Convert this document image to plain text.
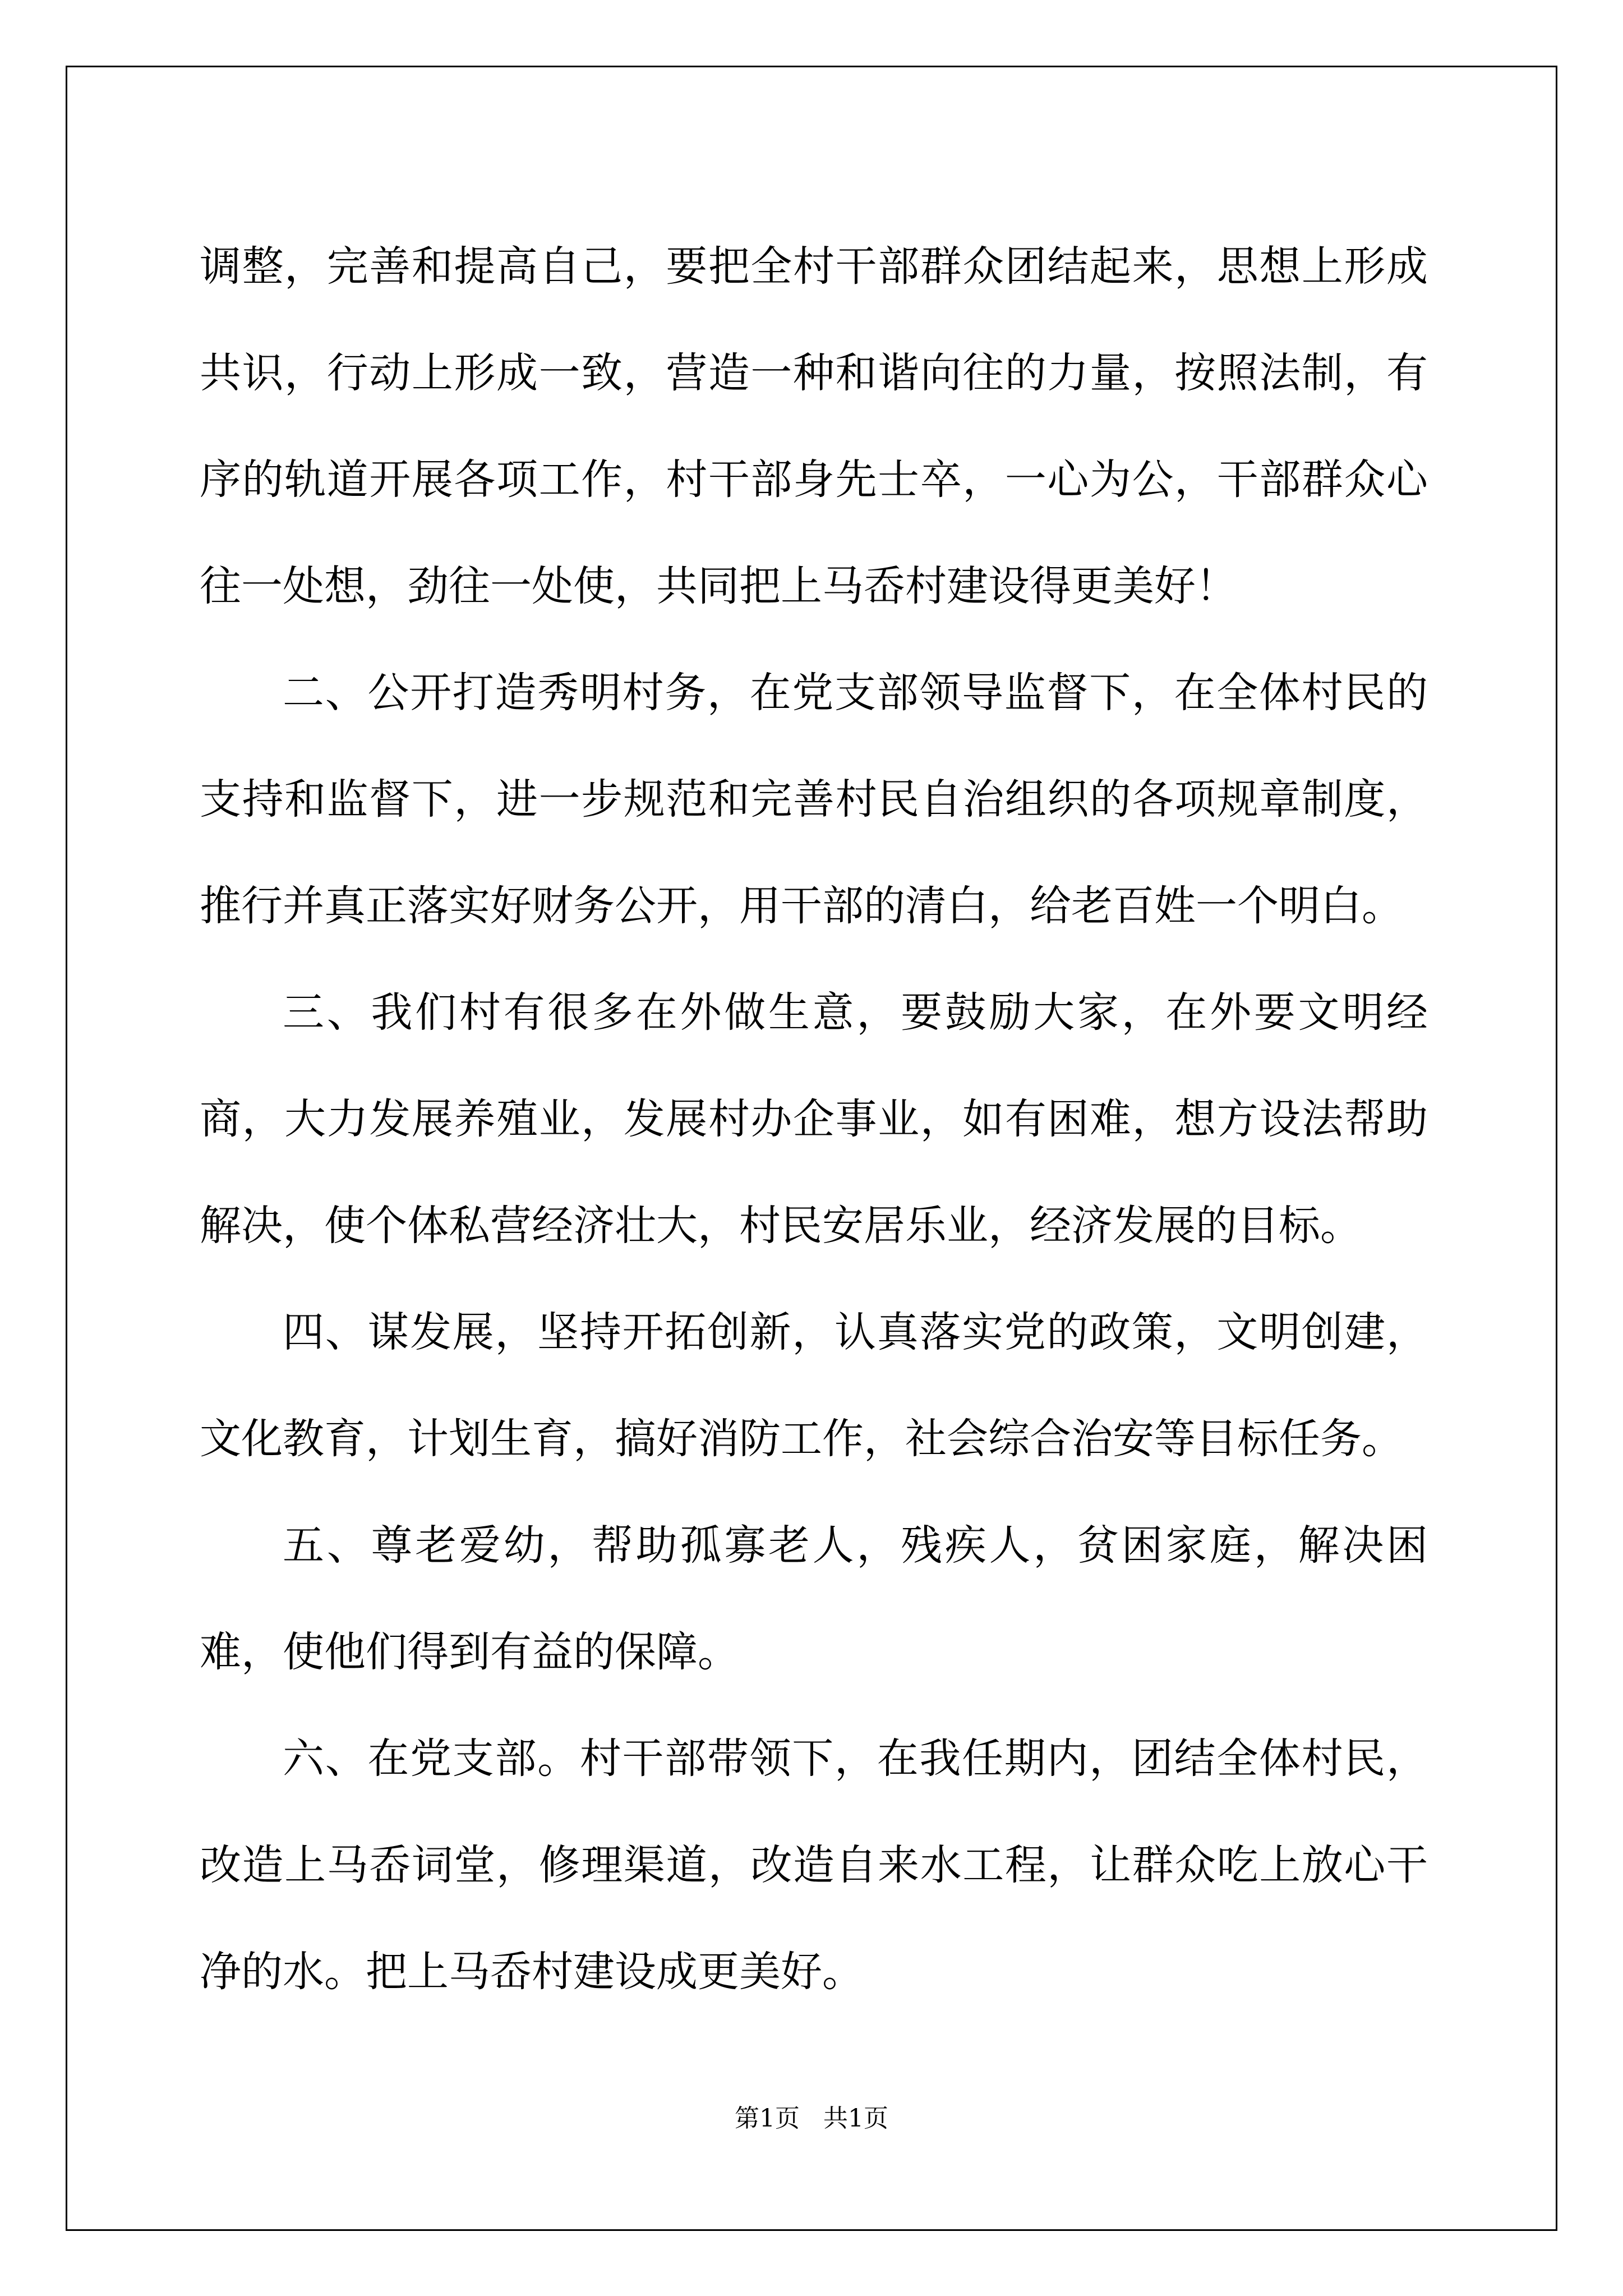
调整，完善和提高自己，要把全村干部群众团结起来，思想上形成共识，行动上形成一致，营造一种和谐向往的力量，按照法制，有序的轨道开展各项工作，村干部身先士卒，一心为公，干部群众心往一处想，劲往一处使，共同把上马岙村建设得更美好！

二、公开打造秀明村务，在党支部领导监督下，在全体村民的支持和监督下，进一步规范和完善村民自治组织的各项规章制度，推行并真正落实好财务公开，用干部的清白，给老百姓一个明白。

三、我们村有很多在外做生意，要鼓励大家，在外要文明经商，大力发展养殖业，发展村办企事业，如有困难，想方设法帮助解决，使个体私营经济壮大，村民安居乐业，经济发展的目标。

四、谋发展，坚持开拓创新，认真落实党的政策，文明创建，文化教育，计划生育，搞好消防工作，社会综合治安等目标任务。

五、尊老爱幼，帮助孤寡老人，残疾人，贫困家庭，解决困难，使他们得到有益的保障。

六、在党支部。村干部带领下，在我任期内，团结全体村民，改造上马岙词堂，修理渠道，改造自来水工程，让群众吃上放心干净的水。把上马岙村建设成更美好。

第1页 共1页
